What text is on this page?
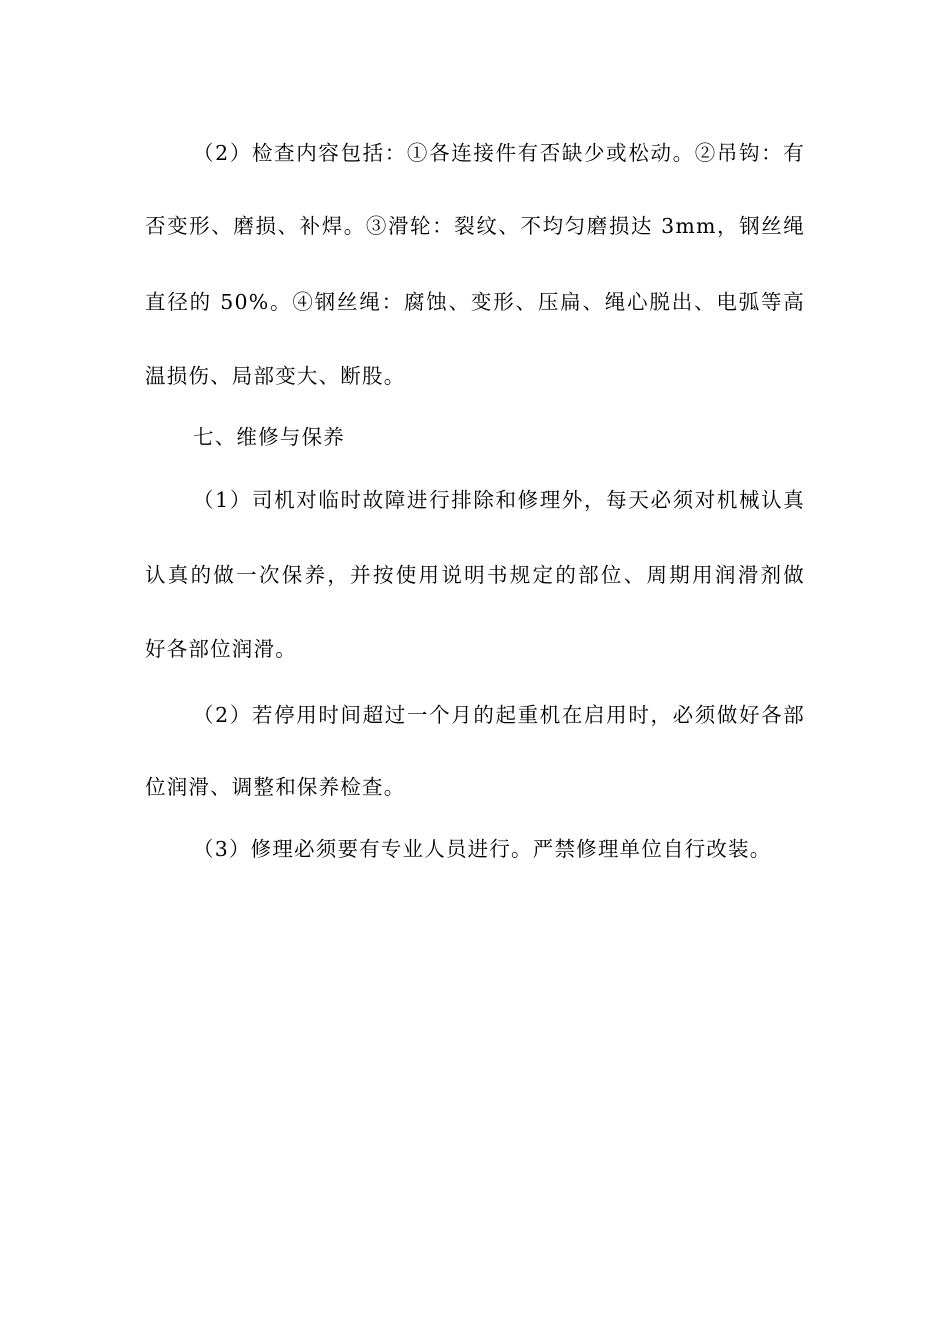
（2）检查内容包括：①各连接件有否缺少或松动。②吊钩：有
否变形、磨损、补焊。③滑轮：裂纹、不均匀磨损达 3mm，钢丝绳
直径的 50%。④钢丝绳：腐蚀、变形、压扁、绳心脱出、电弧等高
温损伤、局部变大、断股。
七、维修与保养
（1）司机对临时故障进行排除和修理外，每天必须对机械认真
认真的做一次保养，并按使用说明书规定的部位、周期用润滑剂做
好各部位润滑。
（2）若停用时间超过一个月的起重机在启用时，必须做好各部
位润滑、调整和保养检查。
（3）修理必须要有专业人员进行。严禁修理单位自行改装。
